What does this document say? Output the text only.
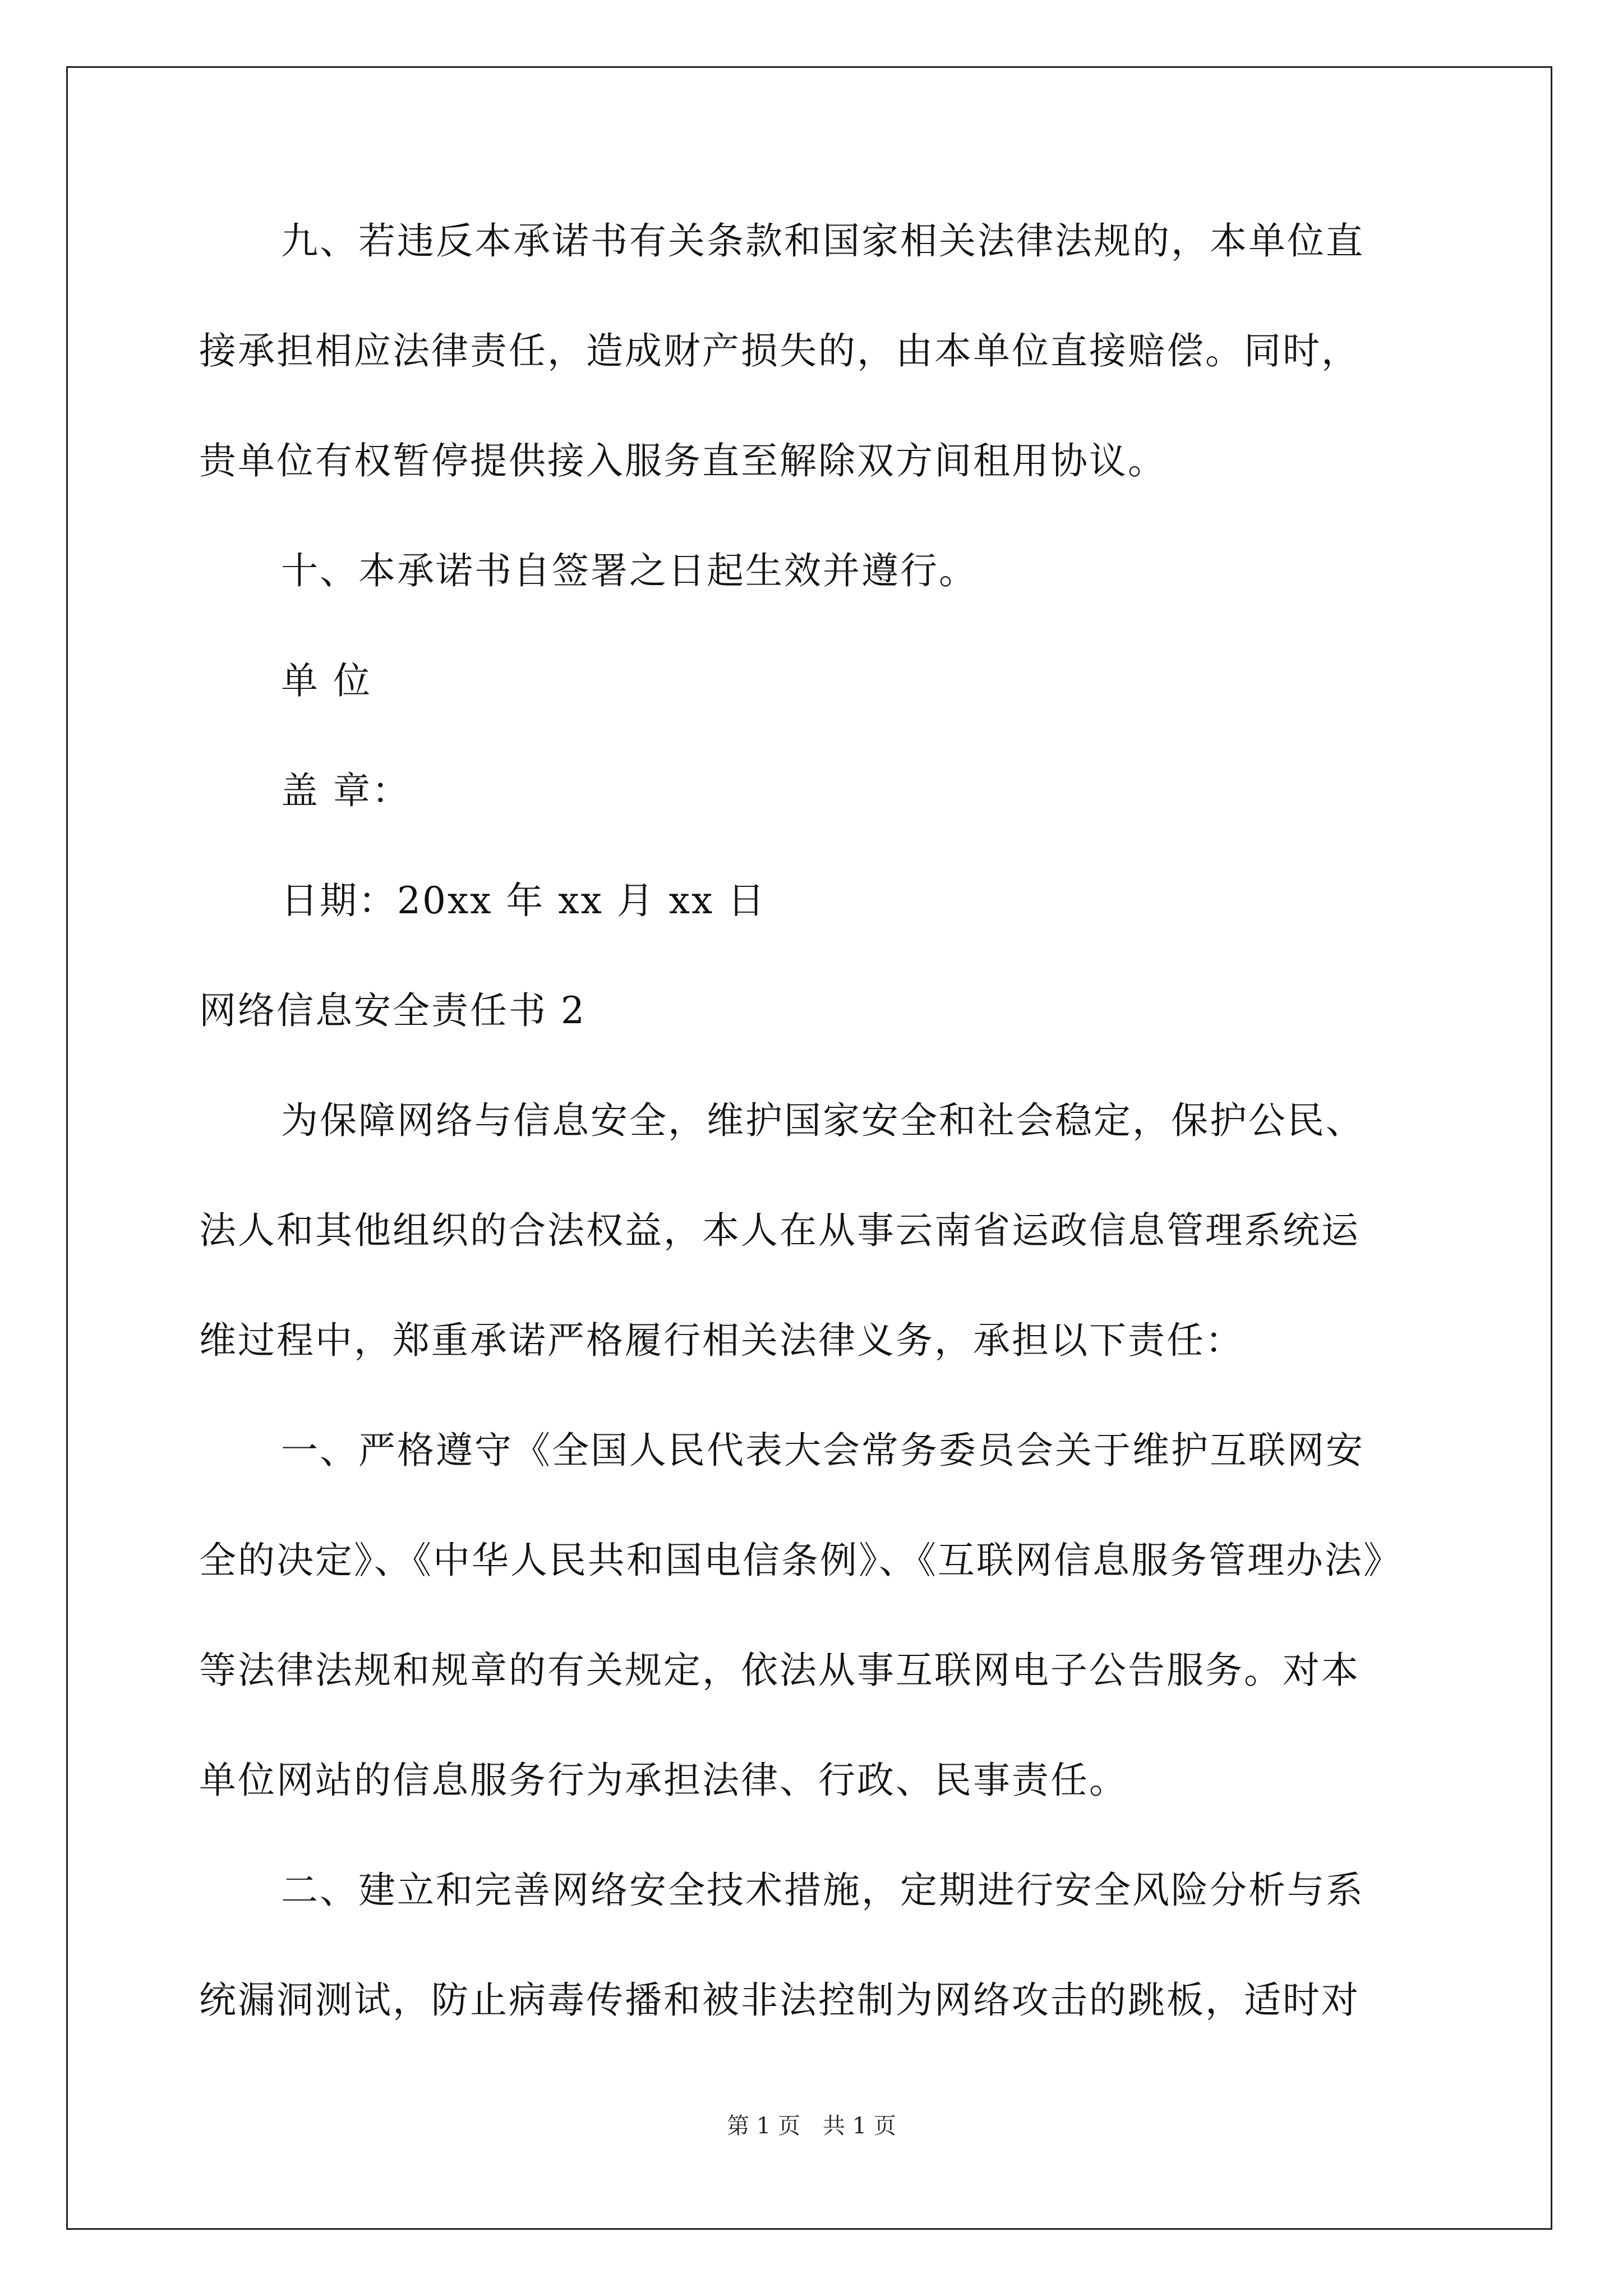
九、若违反本承诺书有关条款和国家相关法律法规的，本单位直
接承担相应法律责任，造成财产损失的，由本单位直接赔偿。同时，
贵单位有权暂停提供接入服务直至解除双方间租用协议。
十、本承诺书自签署之日起生效并遵行。
单 位
盖 章：
日期：20xx 年 xx 月 xx 日
网络信息安全责任书 2
为保障网络与信息安全，维护国家安全和社会稳定，保护公民、
法人和其他组织的合法权益，本人在从事云南省运政信息管理系统运
维过程中，郑重承诺严格履行相关法律义务，承担以下责任：
一、严格遵守《全国人民代表大会常务委员会关于维护互联网安
全的决定》、《中华人民共和国电信条例》、《互联网信息服务管理办法》
等法律法规和规章的有关规定，依法从事互联网电子公告服务。对本
单位网站的信息服务行为承担法律、行政、民事责任。
二、建立和完善网络安全技术措施，定期进行安全风险分析与系
统漏洞测试，防止病毒传播和被非法控制为网络攻击的跳板，适时对
第 1 页 共 1 页
